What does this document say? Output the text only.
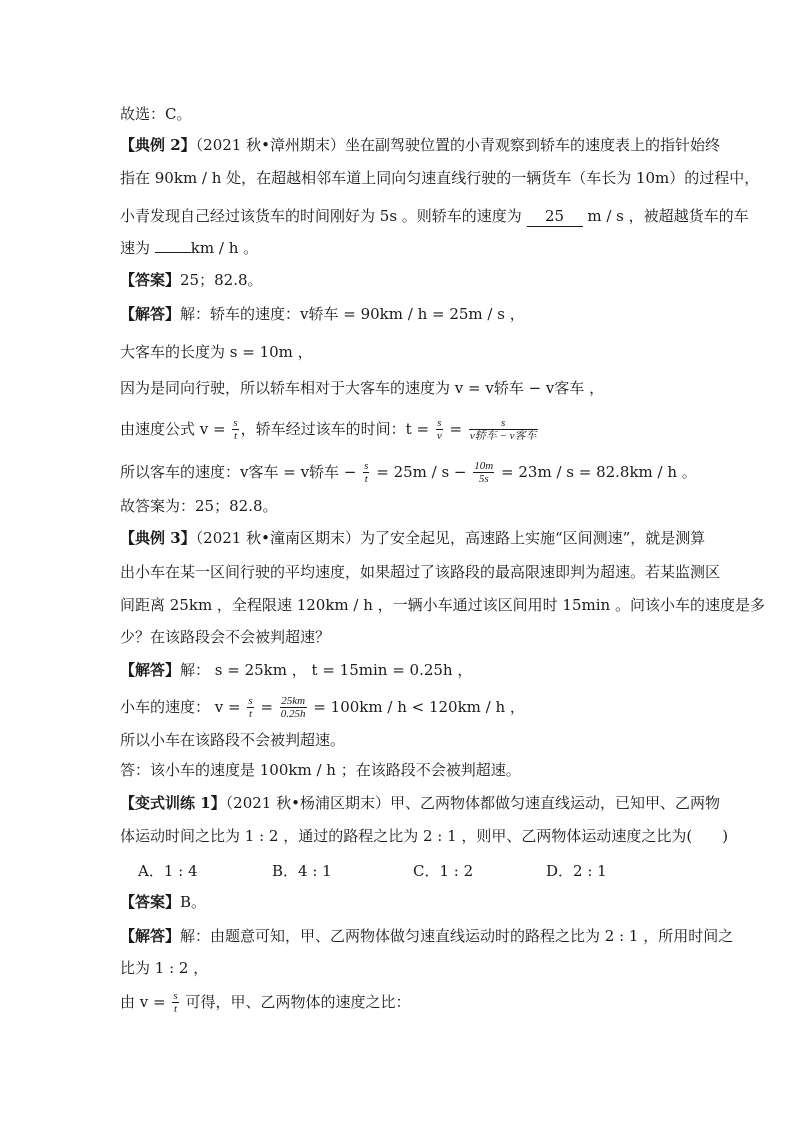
故选：C。
【典例 2】（2021 秋•漳州期末）坐在副驾驶位置的小青观察到轿车的速度表上的指针始终
指在 90km / h 处，在超越相邻车道上同向匀速直线行驶的一辆货车（车长为 10m）的过程中，
小青发现自己经过该货车的时间刚好为 5s 。则轿车的速度为 25 m / s ，被超越货车的车
速为	km / h 。
【答案】25；82.8。
【解答】解：轿车的速度：v轿车 = 90km / h = 25m / s ，
大客车的长度为 s = 10m ，
因为是同向行驶，所以轿车相对于大客车的速度为 v = v轿车 − v客车 ，
由速度公式 $v = \frac{s}{t}$ ，轿车经过该车的时间：$t = \frac{s}{v} = \frac{s}{\text{v轿车 − v客车}}$
所以客车的速度：v客车 = v轿车 − $\frac{s}{t} = 25m / s - \frac{10m}{5s} = 23m / s = 82.8km / h$ 。
故答案为：25；82.8。
【典例 3】（2021 秋•潼南区期末）为了安全起见，高速路上实施“区间测速”，就是测算
出小车在某一区间行驶的平均速度，如果超过了该路段的最高限速即判为超速。若某监测区
间距离 25km ，全程限速 120km / h ，一辆小车通过该区间用时 15min 。问该小车的速度是多
少？在该路段会不会被判超速？
【解答】解： s = 25km ， t = 15min = 0.25h ，
小车的速度： $v = \frac{s}{t} = \frac{25km}{0.25h} = 100km / h < 120km / h$ ，
所以小车在该路段不会被判超速。
答：该小车的速度是 100km / h ；在该路段不会被判超速。
【变式训练 1】（2021 秋•杨浦区期末）甲、乙两物体都做匀速直线运动，已知甲、乙两物
体运动时间之比为 1 : 2 ，通过的路程之比为 2 : 1 ，则甲、乙两物体运动速度之比为(　　)
A．1 : 4	B．4 : 1	C．1 : 2	D．2 : 1
【答案】B。
【解答】解：由题意可知，甲、乙两物体做匀速直线运动时的路程之比为 2 : 1 ，所用时间之
比为 1 : 2 ，
由 $v = \frac{s}{t}$ 可得，甲、乙两物体的速度之比：
